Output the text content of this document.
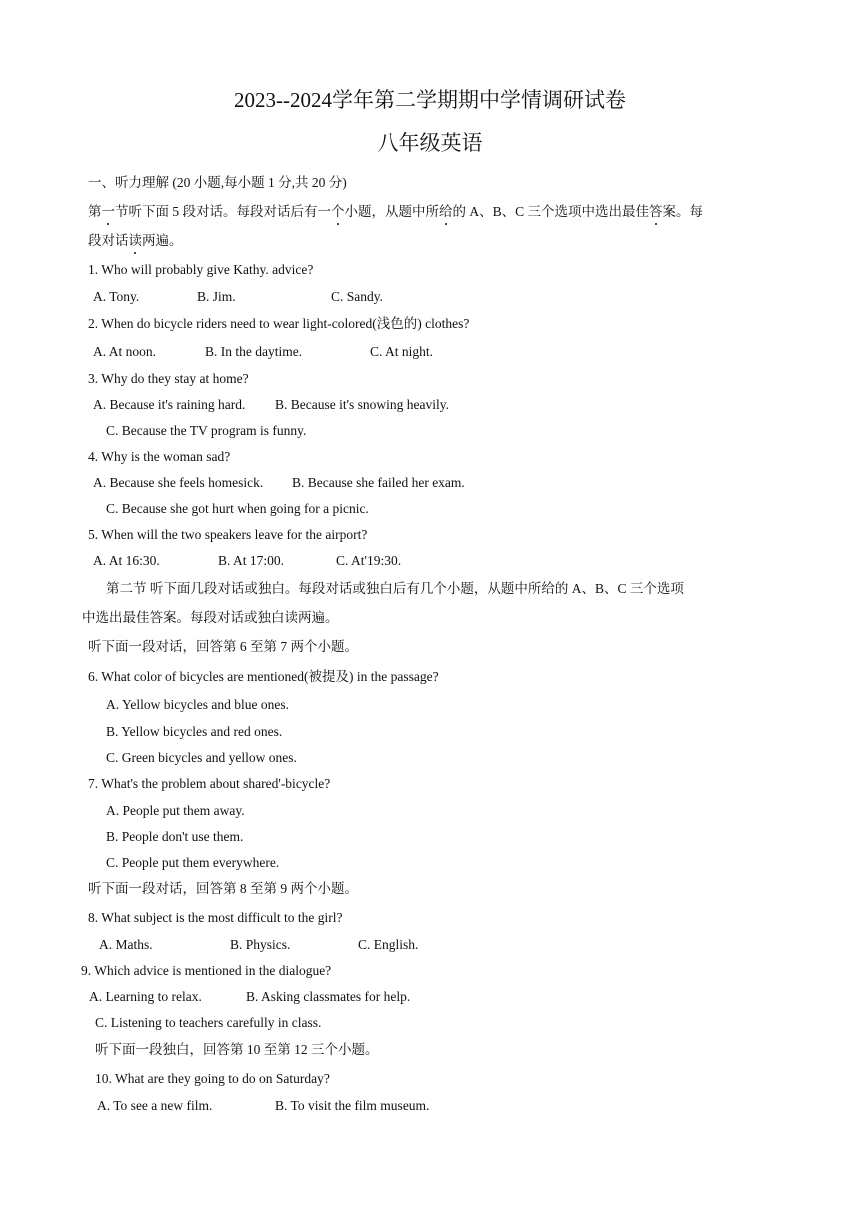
2023--2024学年第二学期期中学情调研试卷
八年级英语
一、听力理解 (20 小题,每小题 1 分,共 20 分)
第一节听下面 5 段对话。每段对话后有一个小题，从题中所给的 A、B、C 三个选项中选出最佳答案。每
段对话读两遍。
1. Who will probably give Kathy. advice?
A. Tony.	B. Jim.	C. Sandy.
2. When do bicycle riders need to wear light-colored(浅色的) clothes?
A. At noon.	B. In the daytime.	C. At night.
3. Why do they stay at home?
A. Because it's raining hard. B. Because it's snowing heavily.
C. Because the TV program is funny.
4. Why is the woman sad?
A. Because she feels homesick. B. Because she failed her exam.
C. Because she got hurt when going for a picnic.
5. When will the two speakers leave for the airport?
A. At 16:30.	B. At 17:00.	C. At'19:30.
第二节 听下面几段对话或独白。每段对话或独白后有几个小题，从题中所给的 A、B、C 三个选项
中选出最佳答案。每段对话或独白读两遍。
听下面一段对话，回答第 6 至第 7 两个小题。
6. What color of bicycles are mentioned(被提及) in the passage?
A. Yellow bicycles and blue ones.
B. Yellow bicycles and red ones.
C. Green bicycles and yellow ones.
7. What's the problem about shared'-bicycle?
A. People put them away.
B. People don't use them.
C. People put them everywhere.
听下面一段对话，回答第 8 至第 9 两个小题。
8. What subject is the most difficult to the girl?
A. Maths.	B. Physics.	C. English.
9. Which advice is mentioned in the dialogue?
A. Learning to relax.	B. Asking classmates for help.
C. Listening to teachers carefully in class.
听下面一段独白，回答第 10 至第 12 三个小题。
10. What are they going to do on Saturday?
A. To see a new film.	B. To visit the film museum.
